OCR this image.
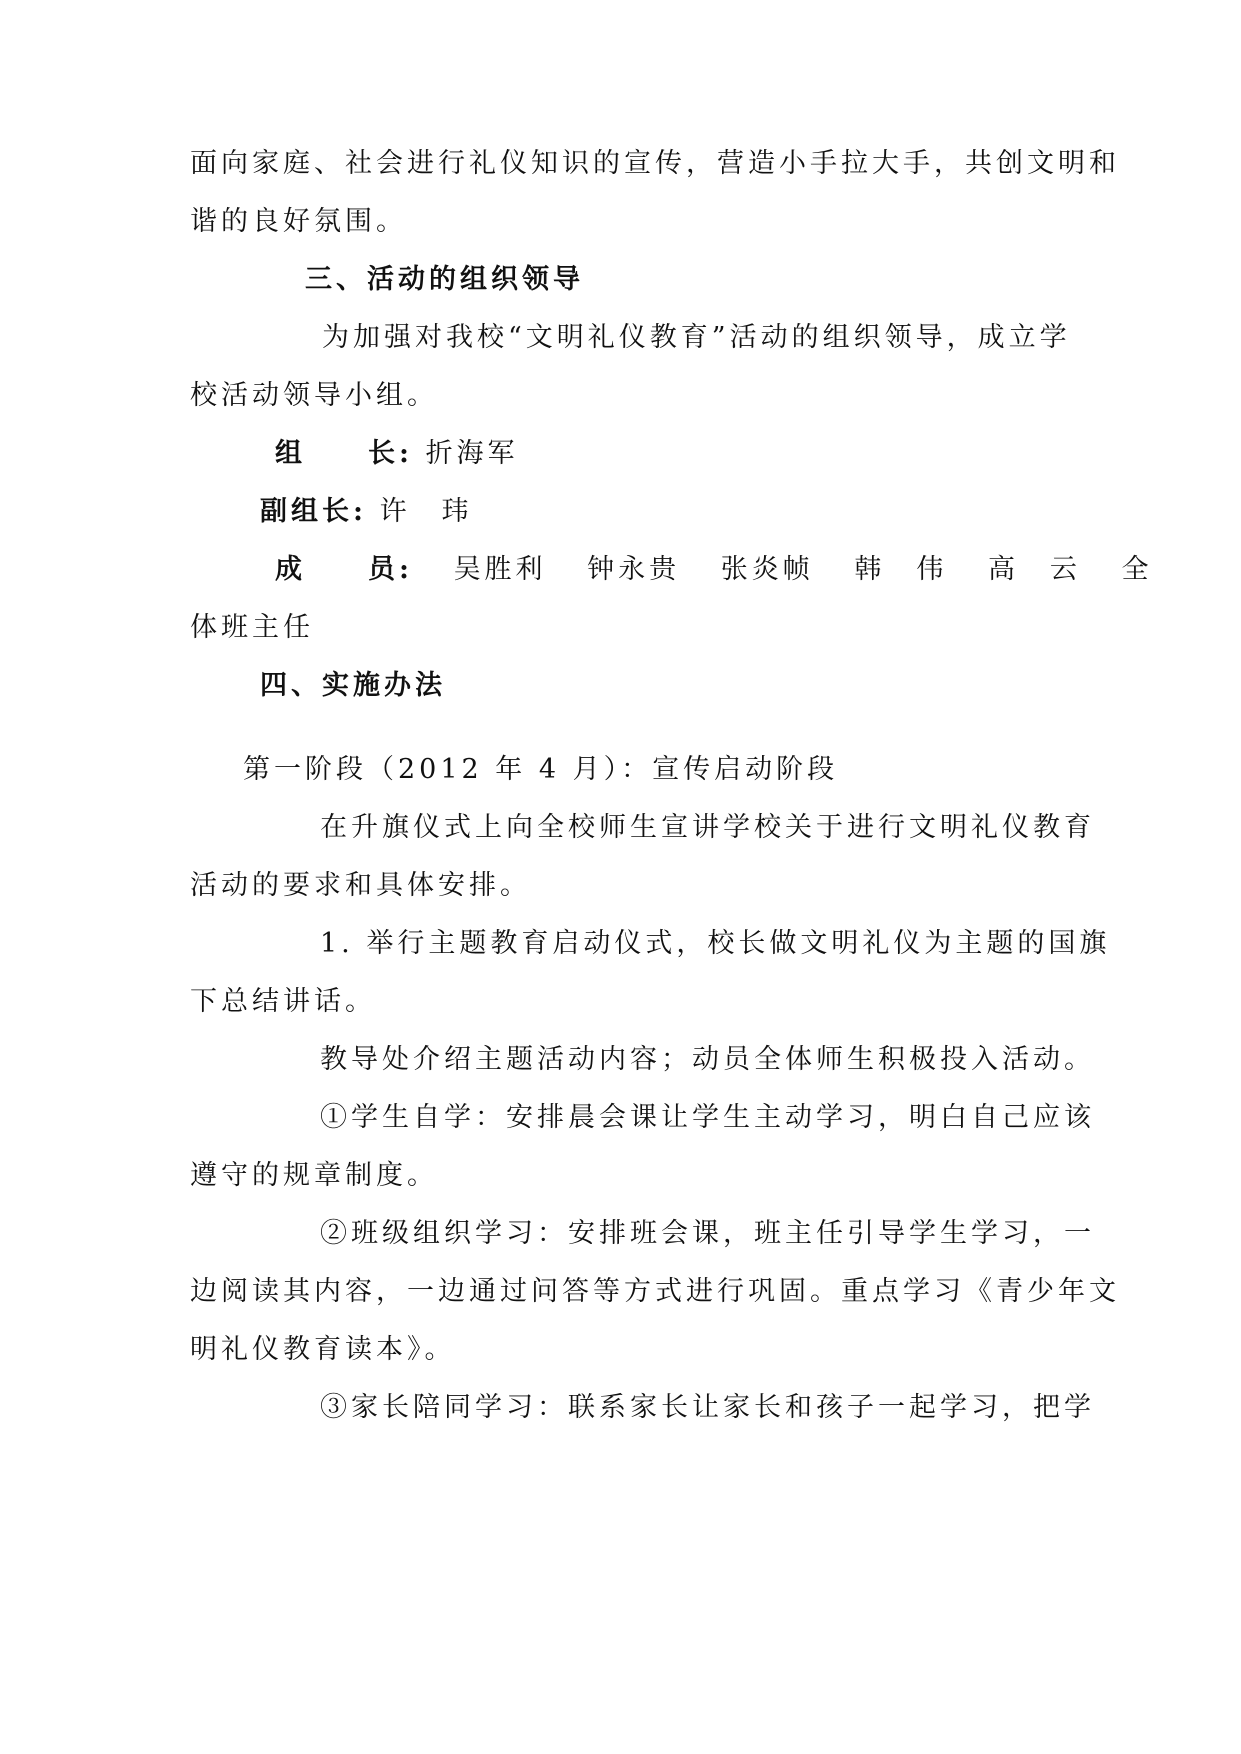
面向家庭、社会进行礼仪知识的宣传，营造小手拉大手，共创文明和
谐的良好氛围。
三、活动的组织领导
为加强对我校“文明礼仪教育”活动的组织领导，成立学
校活动领导小组。
组　　长: 折海军
副组长: 许　玮
成　　员: 吴胜利 钟永贵 张炎帧 韩　伟 高　云 全
体班主任
四、实施办法
第一阶段（2012 年 4 月）：宣传启动阶段
在升旗仪式上向全校师生宣讲学校关于进行文明礼仪教育
活动的要求和具体安排。
1. 举行主题教育启动仪式，校长做文明礼仪为主题的国旗
下总结讲话。
教导处介绍主题活动内容；动员全体师生积极投入活动。
①学生自学：安排晨会课让学生主动学习，明白自己应该
遵守的规章制度。
②班级组织学习：安排班会课，班主任引导学生学习，一
边阅读其内容，一边通过问答等方式进行巩固。重点学习《青少年文
明礼仪教育读本》。
③家长陪同学习：联系家长让家长和孩子一起学习，把学
